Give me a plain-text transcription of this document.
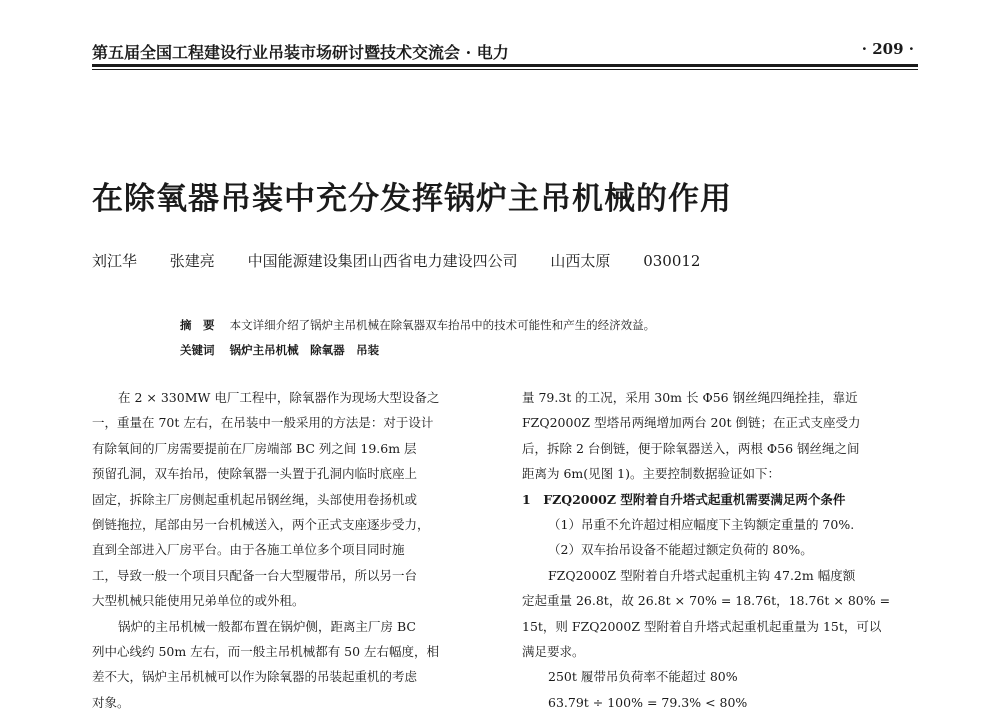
第五届全国工程建设行业吊装市场研讨暨技术交流会 · 电力	· 209 ·
在除氧器吊装中充分发挥锅炉主吊机械的作用
刘江华 张建亮 中国能源建设集团山西省电力建设四公司 山西太原 030012
摘　要 本文详细介绍了锅炉主吊机械在除氧器双车抬吊中的技术可能性和产生的经济效益。
关键词 锅炉主吊机械　除氧器　吊装
在 2 × 330MW 电厂工程中，除氧器作为现场大型设备之
一，重量在 70t 左右，在吊装中一般采用的方法是：对于设计
有除氧间的厂房需要提前在厂房端部 BC 列之间 19.6m 层
预留孔洞，双车抬吊，使除氧器一头置于孔洞内临时底座上
固定，拆除主厂房侧起重机起吊钢丝绳，头部使用卷扬机或
倒链拖拉，尾部由另一台机械送入，两个正式支座逐步受力，
直到全部进入厂房平台。由于各施工单位多个项目同时施
工，导致一般一个项目只配备一台大型履带吊，所以另一台
大型机械只能使用兄弟单位的或外租。
锅炉的主吊机械一般都布置在锅炉侧，距离主厂房 BC
列中心线约 50m 左右，而一般主吊机械都有 50 左右幅度，相
差不大，锅炉主吊机械可以作为除氧器的吊装起重机的考虑
对象。
量 79.3t 的工况，采用 30m 长 Φ56 钢丝绳四绳拴挂，靠近
FZQ2000Z 型塔吊两绳增加两台 20t 倒链；在正式支座受力
后，拆除 2 台倒链，便于除氧器送入，两根 Φ56 钢丝绳之间
距离为 6m(见图 1)。主要控制数据验证如下：
1　FZQ2000Z 型附着自升塔式起重机需要满足两个条件
（1）吊重不允许超过相应幅度下主钩额定重量的 70%.
（2）双车抬吊设备不能超过额定负荷的 80%。
FZQ2000Z 型附着自升塔式起重机主钩 47.2m 幅度额
定起重量 26.8t，故 26.8t × 70% = 18.76t，18.76t × 80% =
15t，则 FZQ2000Z 型附着自升塔式起重机起重量为 15t，可以
满足要求。
250t 履带吊负荷率不能超过 80%
63.79t ÷ 100% = 79.3% < 80%
